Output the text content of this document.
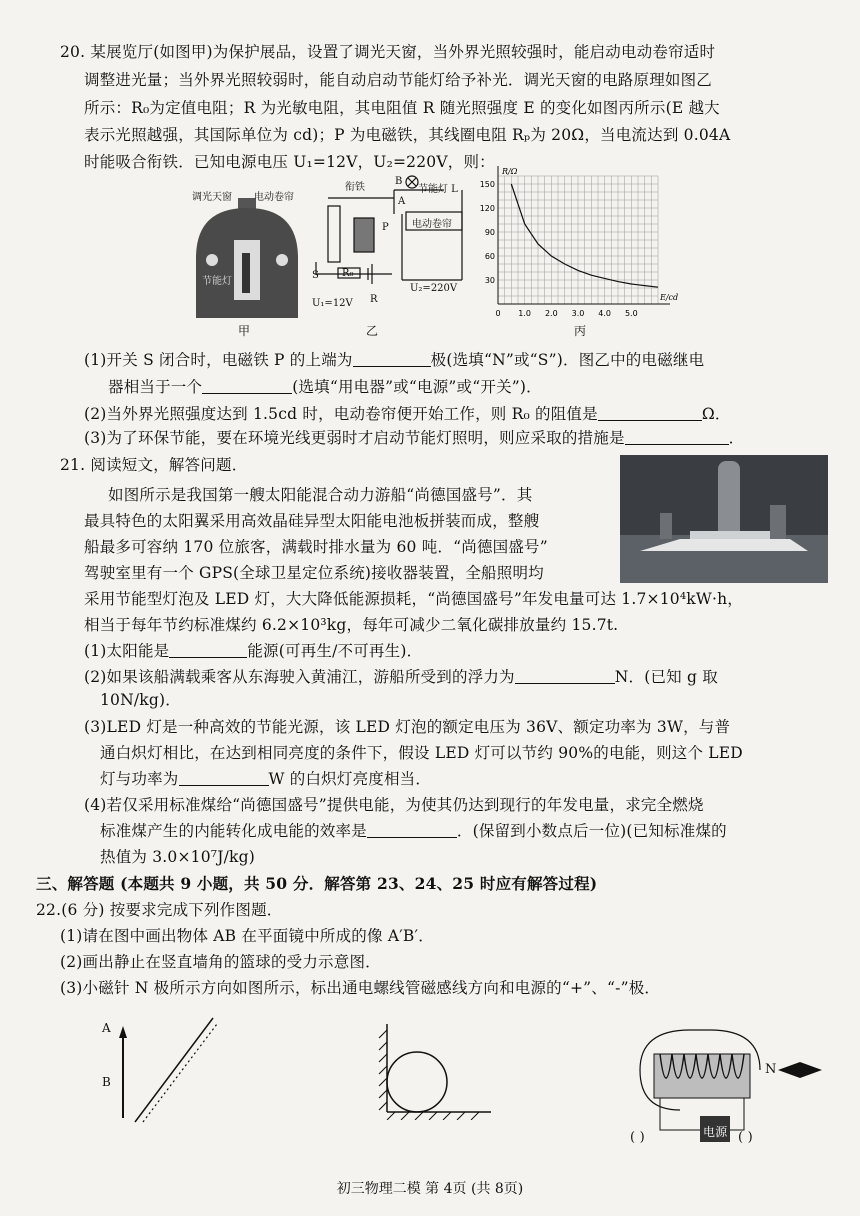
20. 某展览厅(如图甲)为保护展品，设置了调光天窗，当外界光照较强时，能启动电动卷帘适时
调整进光量；当外界光照较弱时，能自动启动节能灯给予补光．调光天窗的电路原理如图乙
所示：R₀为定值电阻；R 为光敏电阻，其电阻值 R 随光照强度 E 的变化如图丙所示(E 越大
表示光照越强，其国际单位为 cd)；P 为电磁铁，其线圈电阻 Rₚ为 20Ω，当电流达到 0.04A
时能吸合衔铁．已知电源电压 U₁=12V，U₂=220V，则：
节能灯
调光天窗 电动卷帘
甲
衔铁
B
A
节能灯 L
电动卷帘
P
S R₀
R
U₁=12V
U₂=220V
乙
0 1.0 2.0 3.0 4.0 5.0
30
60
90
120
150
R/Ω
E/cd
丙
(1)开关 S 闭合时，电磁铁 P 的上端为	极(选填“N”或“S”)．图乙中的电磁继电
器相当于一个	(选填“用电器”或“电源”或“开关”)．
(2)当外界光照强度达到 1.5cd 时，电动卷帘便开始工作，则 R₀ 的阻值是	Ω．
(3)为了环保节能，要在环境光线更弱时才启动节能灯照明，则应采取的措施是	．
21. 阅读短文，解答问题．
如图所示是我国第一艘太阳能混合动力游船“尚德国盛号”．其
最具特色的太阳翼采用高效晶硅异型太阳能电池板拼装而成，整艘
船最多可容纳 170 位旅客，满载时排水量为 60 吨．“尚德国盛号”
驾驶室里有一个 GPS(全球卫星定位系统)接收器装置，全船照明均
采用节能型灯泡及 LED 灯，大大降低能源损耗，“尚德国盛号”年发电量可达 1.7×10⁴kW·h，
相当于每年节约标准煤约 6.2×10³kg，每年可减少二氧化碳排放量约 15.7t.
(1)太阳能是	能源(可再生/不可再生)．
(2)如果该船满载乘客从东海驶入黄浦江，游船所受到的浮力为	N．(已知 g 取
10N/kg)．
(3)LED 灯是一种高效的节能光源，该 LED 灯泡的额定电压为 36V、额定功率为 3W，与普
通白炽灯相比，在达到相同亮度的条件下，假设 LED 灯可以节约 90%的电能，则这个 LED
灯与功率为	W 的白炽灯亮度相当．
(4)若仅采用标准煤给“尚德国盛号”提供电能，为使其仍达到现行的年发电量，求完全燃烧
标准煤产生的内能转化成电能的效率是	．(保留到小数点后一位)(已知标准煤的
热值为 3.0×10⁷J/kg)
三、解答题 (本题共 9 小题，共 50 分．解答第 23、24、25 时应有解答过程)
22.(6 分) 按要求完成下列作图题．
(1)请在图中画出物体 AB 在平面镜中所成的像 A′B′．
(2)画出静止在竖直墙角的篮球的受力示意图．
(3)小磁针 N 极所示方向如图所示，标出通电螺线管磁感线方向和电源的“+”、“-”极．
A
B
N
电源
( )	( )
初三物理二模 第 4页 (共 8页)
